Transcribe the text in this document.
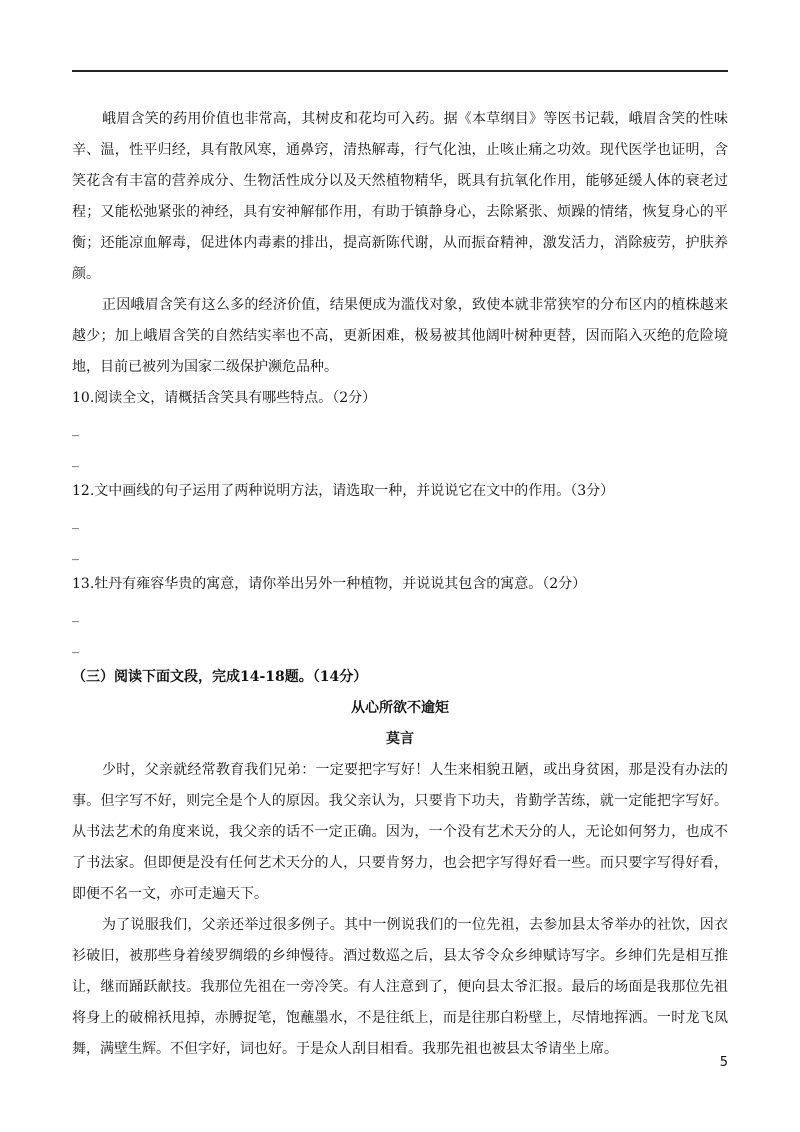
峨眉含笑的药用价值也非常高，其树皮和花均可入药。据《本草纲目》等医书记载，峨眉含笑的性味辛、温，性平归经，具有散风寒，通鼻窍，清热解毒，行气化浊，止咳止痛之功效。现代医学也证明，含笑花含有丰富的营养成分、生物活性成分以及天然植物精华，既具有抗氧化作用，能够延缓人体的衰老过程；又能松弛紧张的神经，具有安神解郁作用，有助于镇静身心，去除紧张、烦躁的情绪，恢复身心的平衡；还能凉血解毒，促进体内毒素的排出，提高新陈代谢，从而振奋精神，激发活力，消除疲劳，护肤养颜。

正因峨眉含笑有这么多的经济价值，结果便成为滥伐对象，致使本就非常狭窄的分布区内的植株越来越少；加上峨眉含笑的自然结实率也不高，更新困难，极易被其他阔叶树种更替，因而陷入灭绝的危险境地，目前已被列为国家二级保护濒危品种。

10.阅读全文，请概括含笑具有哪些特点。（2分）

_
_

12.文中画线的句子运用了两种说明方法，请选取一种，并说说它在文中的作用。（3分）

_
_

13.牡丹有雍容华贵的寓意，请你举出另外一种植物，并说说其包含的寓意。（2分）

_
_

（三）阅读下面文段，完成14-18题。（14分）

从心所欲不逾矩

莫言

少时，父亲就经常教育我们兄弟：一定要把字写好！人生来相貌丑陋，或出身贫困，那是没有办法的事。但字写不好，则完全是个人的原因。我父亲认为，只要肯下功夫，肯勤学苦练，就一定能把字写好。从书法艺术的角度来说，我父亲的话不一定正确。因为，一个没有艺术天分的人，无论如何努力，也成不了书法家。但即便是没有任何艺术天分的人，只要肯努力，也会把字写得好看一些。而只要字写得好看，即便不名一文，亦可走遍天下。

为了说服我们，父亲还举过很多例子。其中一例说我们的一位先祖，去参加县太爷举办的社饮，因衣衫破旧，被那些身着绫罗绸缎的乡绅慢待。酒过数巡之后，县太爷令众乡绅赋诗写字。乡绅们先是相互推让，继而踊跃献技。我那位先祖在一旁冷笑。有人注意到了，便向县太爷汇报。最后的场面是我那位先祖将身上的破棉袄甩掉，赤膊捉笔，饱蘸墨水，不是往纸上，而是往那白粉壁上，尽情地挥洒。一时龙飞凤舞，满壁生辉。不但字好，词也好。于是众人刮目相看。我那先祖也被县太爷请坐上席。

5
